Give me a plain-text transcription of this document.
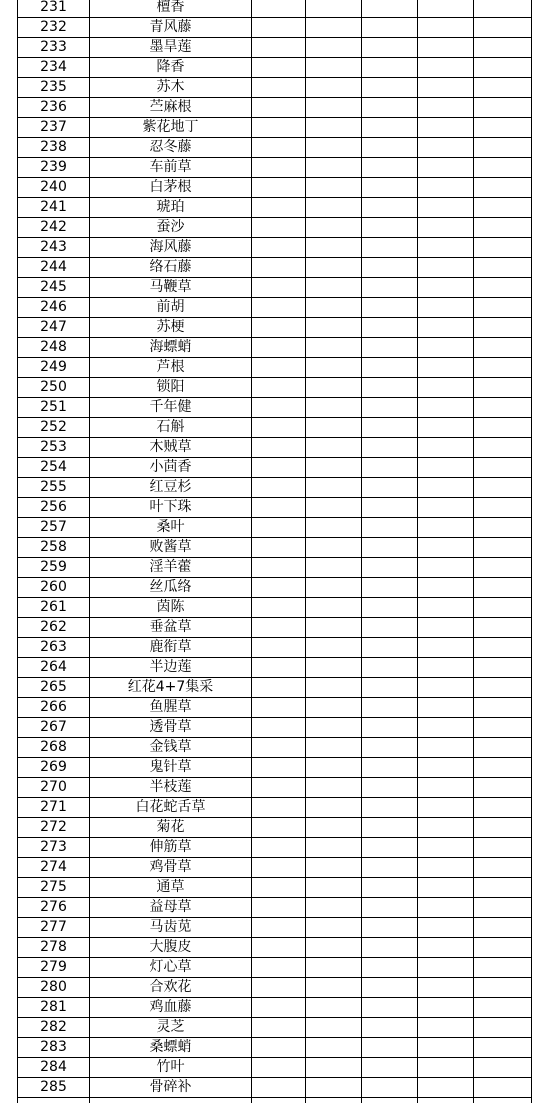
231	檀香					
232	青风藤					
233	墨旱莲					
234	降香					
235	苏木					
236	苎麻根					
237	紫花地丁					
238	忍冬藤					
239	车前草					
240	白茅根					
241	琥珀					
242	蚕沙					
243	海风藤					
244	络石藤					
245	马鞭草					
246	前胡					
247	苏梗					
248	海螵蛸					
249	芦根					
250	锁阳					
251	千年健					
252	石斛					
253	木贼草					
254	小茴香					
255	红豆杉					
256	叶下珠					
257	桑叶					
258	败酱草					
259	淫羊藿					
260	丝瓜络					
261	茵陈					
262	垂盆草					
263	鹿衔草					
264	半边莲					
265	红花4+7集采					
266	鱼腥草					
267	透骨草					
268	金钱草					
269	鬼针草					
270	半枝莲					
271	白花蛇舌草					
272	菊花					
273	伸筋草					
274	鸡骨草					
275	通草					
276	益母草					
277	马齿苋					
278	大腹皮					
279	灯心草					
280	合欢花					
281	鸡血藤					
282	灵芝					
283	桑螵蛸					
284	竹叶					
285	骨碎补					
